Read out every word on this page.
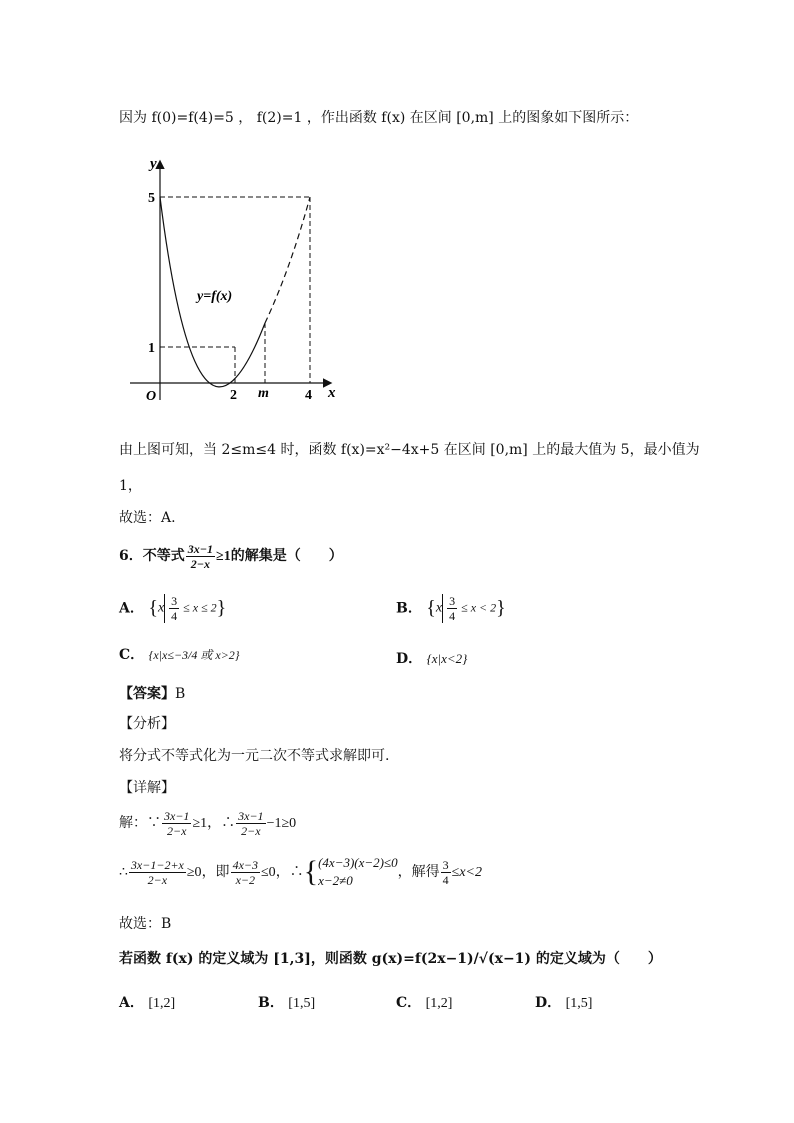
因为 f(0)=f(4)=5 ， f(2)=1 ，作出函数 f(x) 在区间 [0,m] 上的图象如下图所示：
y
x
O
5
1
2 m	4
y=f(x)
由上图可知，当 2≤m≤4 时，函数 f(x)=x²−4x+5 在区间 [0,m] 上的最大值为 5，最小值为
1，
故选：A.
6．不等式 $\frac{3x-1}{2-x} \ge 1$的解集是（　　）
A． $\{x \frac{3}{4} \le x \le 2\}$	B． $\{x \frac{3}{4} \le x < 2\}$
C． {x|x≤−3/4 或 x>2}	D． {x|x<2}
【答案】B
【分析】
将分式不等式化为一元二次不等式求解即可.
【详解】
解：∵ $\frac{3x-1}{2-x} \ge 1$，∴ $\frac{3x-1}{2-x} -1\ge 0$
∴ $\frac{3x-1-2+x}{2-x} \ge 0$，即 $\frac{4x-3}{x-2} \le 0$，∴{(4x−3)(x−2)≤0
x−2≠0，解得 $\frac{3}{4} \le x<2$
故选：B
若函数 f(x) 的定义域为 [1,3]，则函数 g(x)=f(2x−1)/√(x−1) 的定义域为（　　）
A． [1,2]	B． [1,5]	C． [1,2]	D． [1,5]
